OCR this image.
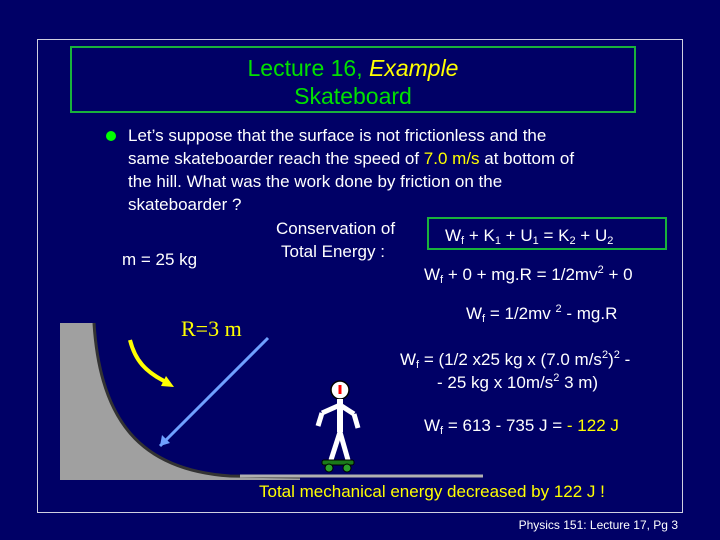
Lecture 16, Example
Skateboard
Let’s suppose that the surface is not frictionless and the
same skateboarder reach the speed of 7.0 m/s at bottom of
the hill. What was the work done by friction on the
skateboarder ?
Conservation of
Total Energy :
m = 25 kg
$W_f + K_1 + U_1 = K_2 + U_2$
$W_f + 0 + mg.R = 1/2mv^2 + 0$
$W_f = 1/2mv$ $^2$ - mg.R
$W_f = (1/2$ x25 kg x (7.0 $m/s^2)^2$ -
- 25 kg x $10m/s^2$ 3 m)
$W_f = 613 - 735$ J = - 122 J
R=3 m
Total mechanical energy decreased by 122 J !
Physics 151: Lecture 17, Pg 3
